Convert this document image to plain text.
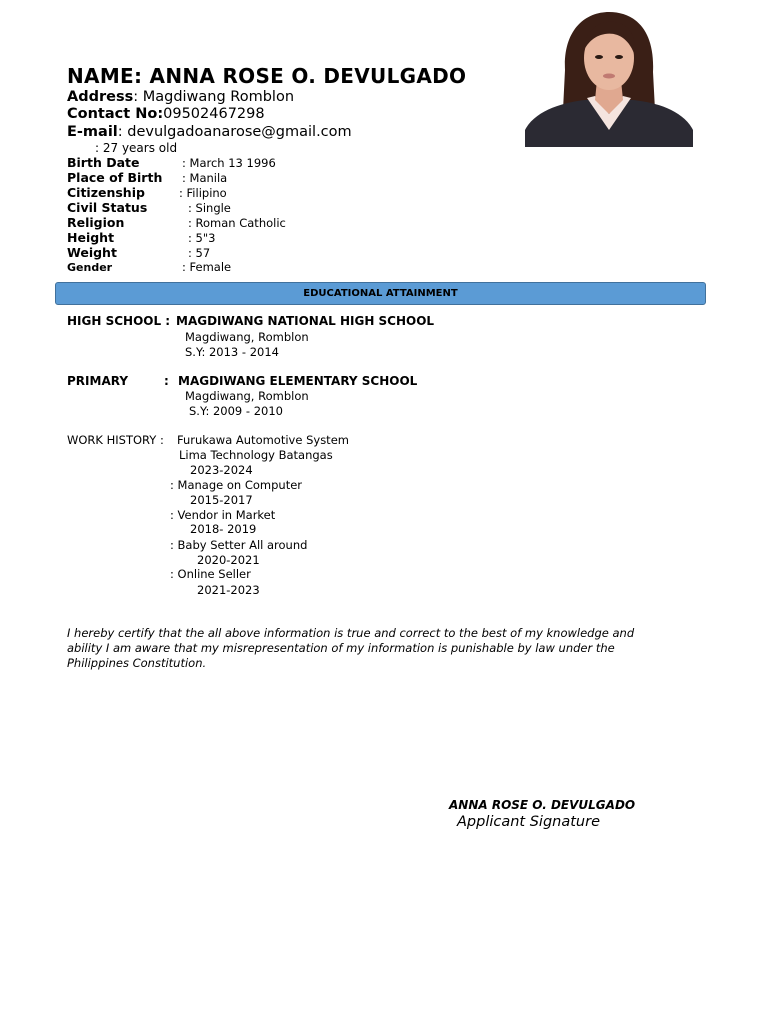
NAME: ANNA ROSE O. DEVULGADO
Address: Magdiwang Romblon
Contact No:09502467298
E-mail: devulgadoanarose@gmail.com
: 27 years old
Birth Date	: March 13 1996
Place of Birth : Manila
Citizenship	: Filipino
Civil Status	: Single
Religion	: Roman Catholic
Height	: 5"3
Weight	: 57
Gender	: Female
EDUCATIONAL ATTAINMENT
HIGH SCHOOL : MAGDIWANG NATIONAL HIGH SCHOOL
Magdiwang, Romblon
S.Y: 2013 - 2014
PRIMARY	: MAGDIWANG ELEMENTARY SCHOOL
Magdiwang, Romblon
S.Y: 2009 - 2010
WORK HISTORY : Furukawa Automotive System
Lima Technology Batangas
2023-2024
: Manage on Computer
2015-2017
: Vendor in Market
2018- 2019
: Baby Setter All around
2020-2021
: Online Seller
2021-2023
I hereby certify that the all above information is true and correct to the best of my knowledge and
ability I am aware that my misrepresentation of my information is punishable by law under the
Philippines Constitution.
ANNA ROSE O. DEVULGADO
Applicant Signature
